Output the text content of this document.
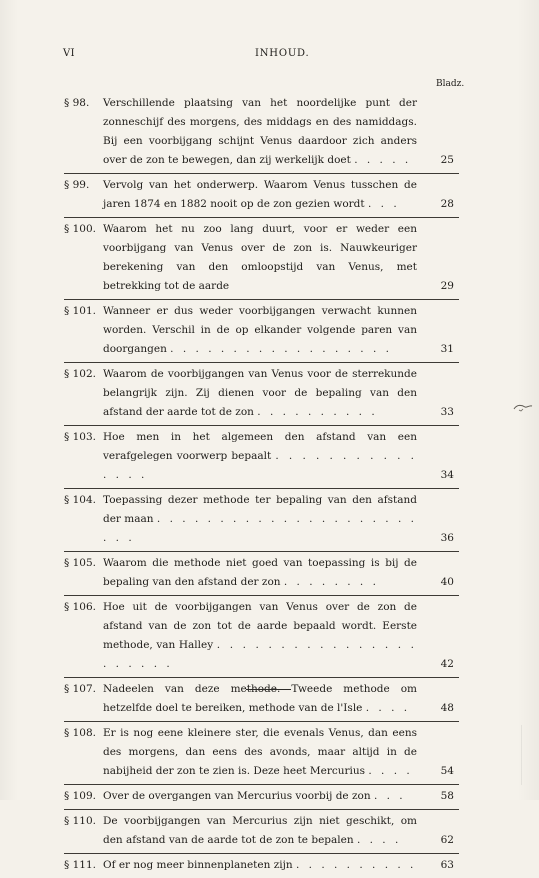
VI	INHOUD.
Bladz.
§ 98.	Verschillende plaatsing van het noordelijke punt der zonneschijf des morgens, des middags en des namiddags. Bij een voorbijgang schijnt Venus daardoor zich anders over de zon te bewegen, dan zij werkelijk doet . . . . .	25
§ 99.	Vervolg van het onderwerp. Waarom Venus tusschen de jaren 1874 en 1882 nooit op de zon gezien wordt . . .	28
§ 100. Waarom het nu zoo lang duurt, voor er weder een voorbijgang van Venus over de zon is. Nauwkeuriger berekening van den omloopstijd van Venus, met betrekking tot de aarde	29
§ 101. Wanneer er dus weder voorbijgangen verwacht kunnen worden. Verschil in de op elkander volgende paren van doorgangen . . . . . . . . . . . . . . . . . .	31
§ 102. Waarom de voorbijgangen van Venus voor de sterrekunde belangrijk zijn. Zij dienen voor de bepaling van den afstand der aarde tot de zon . . . . . . . . . .	33
§ 103. Hoe men in het algemeen den afstand van een verafgelegen voorwerp bepaalt . . . . . . . . . . . . . . .	34
§ 104. Toepassing dezer methode ter bepaling van den afstand der maan . . . . . . . . . . . . . . . . . . . . . . . .	36
§ 105. Waarom die methode niet goed van toepassing is bij de bepaling van den afstand der zon . . . . . . . .	40
§ 106. Hoe uit de voorbijgangen van Venus over de zon de afstand van de zon tot de aarde bepaald wordt. Eerste methode, van Halley . . . . . . . . . . . . . . . . . . . . . .	42
§ 107. Nadeelen van deze methode. Tweede methode om hetzelfde doel te bereiken, methode van de l'Isle . . . .	48
§ 108. Er is nog eene kleinere ster, die evenals Venus, dan eens des morgens, dan eens des avonds, maar altijd in de nabijheid der zon te zien is. Deze heet Mercurius . . . .	54
§ 109. Over de overgangen van Mercurius voorbij de zon . . .	58
§ 110. De voorbijgangen van Mercurius zijn niet geschikt, om den afstand van de aarde tot de zon te bepalen . . . .	62
§ 111. Of er nog meer binnenplaneten zijn . . . . . . . . . . 63
